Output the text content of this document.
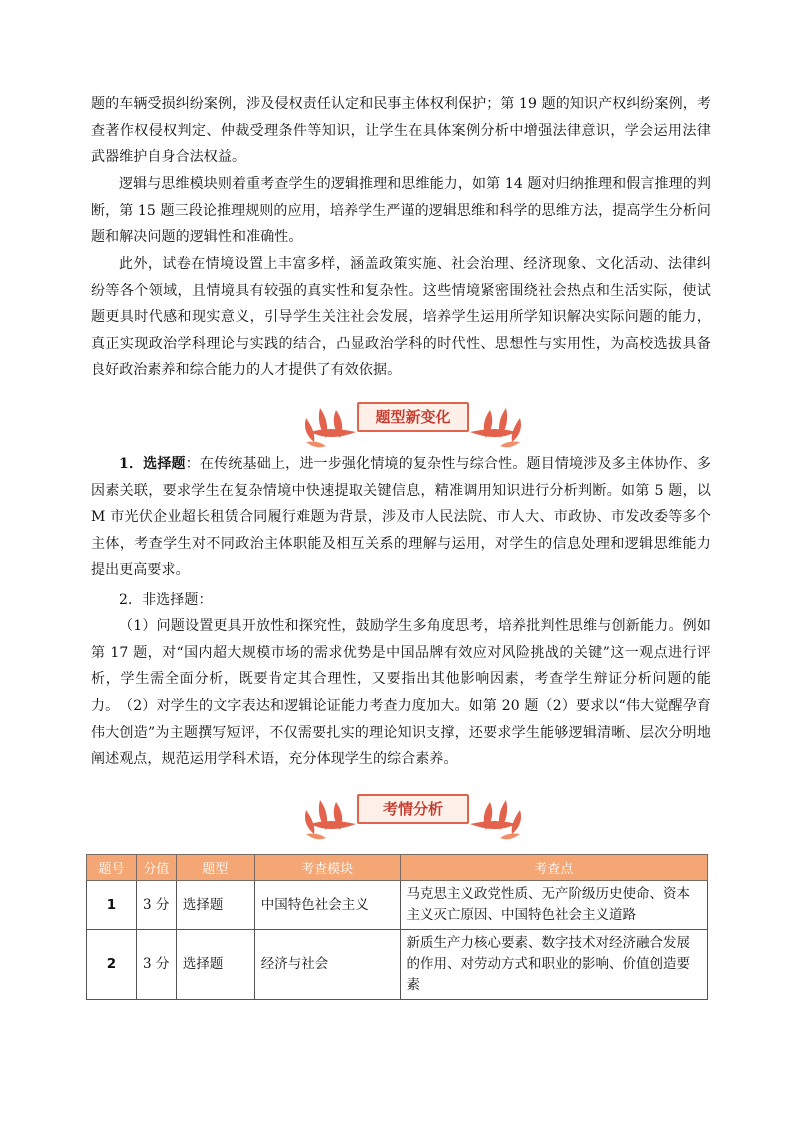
题的车辆受损纠纷案例，涉及侵权责任认定和民事主体权利保护；第 19 题的知识产权纠纷案例，考查著作权侵权判定、仲裁受理条件等知识，让学生在具体案例分析中增强法律意识，学会运用法律武器维护自身合法权益。

逻辑与思维模块则着重考查学生的逻辑推理和思维能力，如第 14 题对归纳推理和假言推理的判断，第 15 题三段论推理规则的应用，培养学生严谨的逻辑思维和科学的思维方法，提高学生分析问题和解决问题的逻辑性和准确性。

此外，试卷在情境设置上丰富多样，涵盖政策实施、社会治理、经济现象、文化活动、法律纠纷等各个领域，且情境具有较强的真实性和复杂性。这些情境紧密围绕社会热点和生活实际，使试题更具时代感和现实意义，引导学生关注社会发展，培养学生运用所学知识解决实际问题的能力，真正实现政治学科理论与实践的结合，凸显政治学科的时代性、思想性与实用性，为高校选拔具备良好政治素养和综合能力的人才提供了有效依据。

题型新变化

1．选择题：在传统基础上，进一步强化情境的复杂性与综合性。题目情境涉及多主体协作、多因素关联，要求学生在复杂情境中快速提取关键信息，精准调用知识进行分析判断。如第 5 题，以 M 市光伏企业超长租赁合同履行难题为背景，涉及市人民法院、市人大、市政协、市发改委等多个主体，考查学生对不同政治主体职能及相互关系的理解与运用，对学生的信息处理和逻辑思维能力提出更高要求。

2．非选择题：

（1）问题设置更具开放性和探究性，鼓励学生多角度思考，培养批判性思维与创新能力。例如第 17 题，对“国内超大规模市场的需求优势是中国品牌有效应对风险挑战的关键”这一观点进行评析，学生需全面分析，既要肯定其合理性，又要指出其他影响因素，考查学生辩证分析问题的能力。 （2）对学生的文字表达和逻辑论证能力考查力度加大。如第 20 题（2）要求以“伟大觉醒孕育伟大创造”为主题撰写短评，不仅需要扎实的理论知识支撑，还要求学生能够逻辑清晰、层次分明地阐述观点，规范运用学科术语，充分体现学生的综合素养。

考情分析
题号	分值	题型	考查模块	考查点
1	3 分	选择题	中国特色社会主义	马克思主义政党性质、无产阶级历史使命、资本主义灭亡原因、中国特色社会主义道路
2	3 分	选择题	经济与社会	新质生产力核心要素、数字技术对经济融合发展的作用、对劳动方式和职业的影响、价值创造要素
